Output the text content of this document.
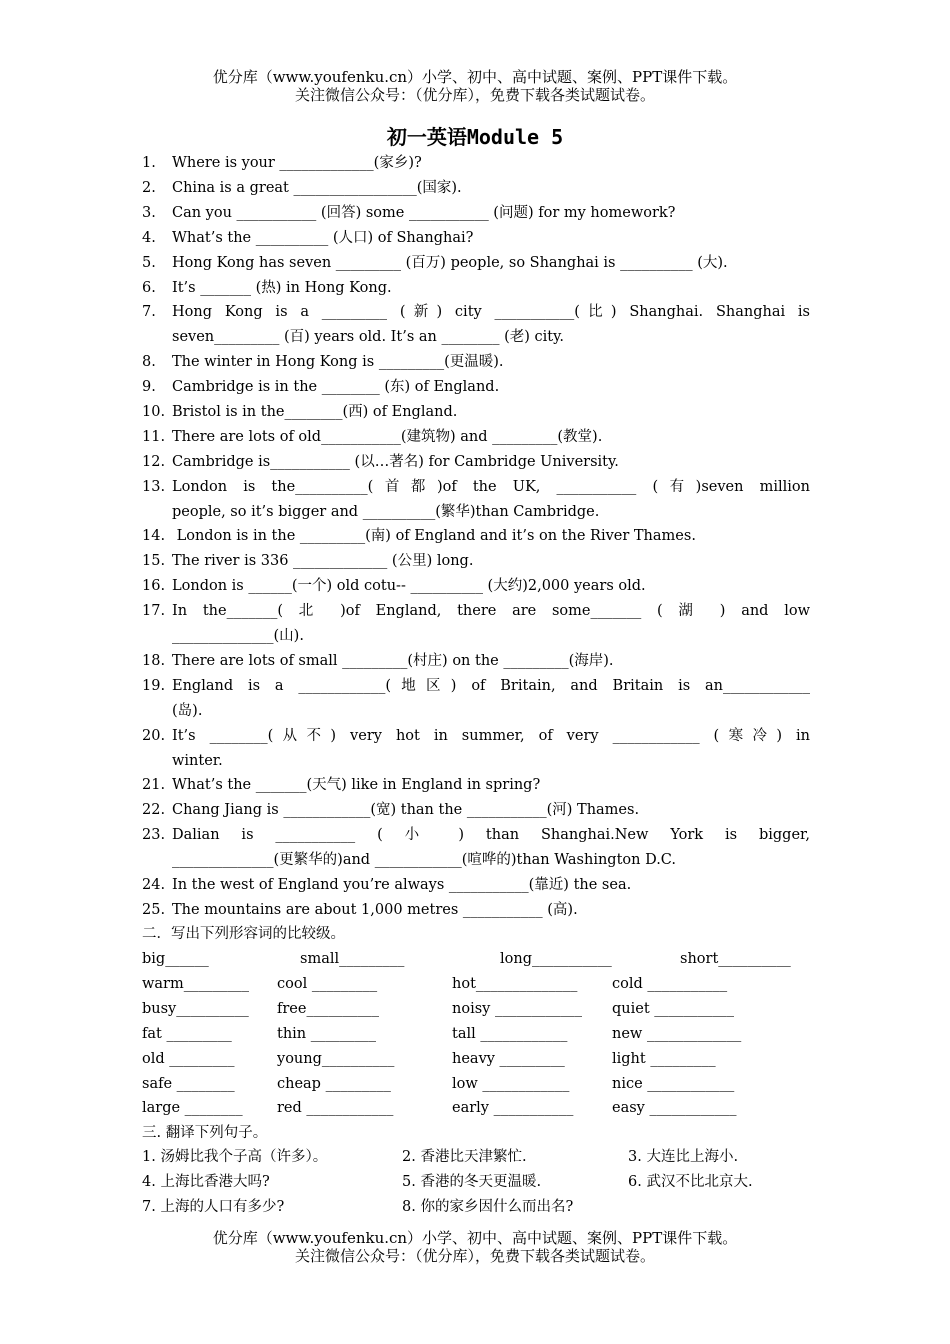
优分库（www.youfenku.cn）小学、初中、高中试题、案例、PPT课件下载。
关注微信公众号：（优分库），免费下载各类试题试卷。
初一英语Module 5
1. Where is your _____________(家乡)?
2. China is a great _________________(国家).
3. Can you ___________ (回答) some ___________ (问题) for my homework?
4. What’s the __________ (人口) of Shanghai?
5. Hong Kong has seven _________ (百万) people, so Shanghai is __________ (大).
6. It’s _______ (热) in Hong Kong.
7.	Hong Kong is a _________ (新) city ___________(比) Shanghai. Shanghai is
seven_________ (百) years old. It’s an ________ (老) city.
8. The winter in Hong Kong is _________(更温暖).
9. Cambridge is in the ________ (东) of England.
10. Bristol is in the________(西) of England.
11. There are lots of old___________(建筑物) and _________(教堂).
12. Cambridge is___________ (以…著名) for Cambridge University.
13. London is the__________(首都)of the UK, ___________ (有)seven million
people, so it’s bigger and __________(繁华)than Cambridge.
14. London is in the _________(南) of England and it’s on the River Thames.
15. The river is 336 _____________ (公里) long.
16. London is ______(一个) old cotu-- __________ (大约)2,000 years old.
17. In the_______( 北 )of England, there are some_______ ( 湖 ) and low
______________(山).
18. There are lots of small _________(村庄) on the _________(海岸).
19. England is a ____________(地区) of Britain, and Britain is an____________
(岛).
20. It’s ________(从不) very hot in summer, of very ____________ (寒冷) in
winter.
21. What’s the _______(天气) like in England in spring?
22. Chang Jiang is ____________(宽) than the ___________(河) Thames.
23. Dalian is ___________ ( 小 ) than Shanghai.New York is bigger,
______________(更繁华的)and ____________(喧哗的)than Washington D.C.
24. In the west of England you’re always ___________(靠近) the sea.
25. The mountains are about 1,000 metres ___________ (高).
二．写出下列形容词的比较级。
big______	small_________	long___________	short__________
warm_________	cool _________	hot______________	cold ___________
busy__________	free__________	noisy ____________	quiet ___________
fat _________	thin _________	tall ____________	new _____________
old _________	young__________	heavy _________	light _________
safe ________	cheap _________	low ____________	nice ____________
large ________	red ____________	early ___________	easy ____________
三. 翻译下列句子。
1. 汤姆比我个子高（许多）。	2. 香港比天津繁忙.	3. 大连比上海小.
4. 上海比香港大吗?	5. 香港的冬天更温暖.	6. 武汉不比北京大.
7. 上海的人口有多少?	8. 你的家乡因什么而出名?
优分库（www.youfenku.cn）小学、初中、高中试题、案例、PPT课件下载。
关注微信公众号：（优分库），免费下载各类试题试卷。
